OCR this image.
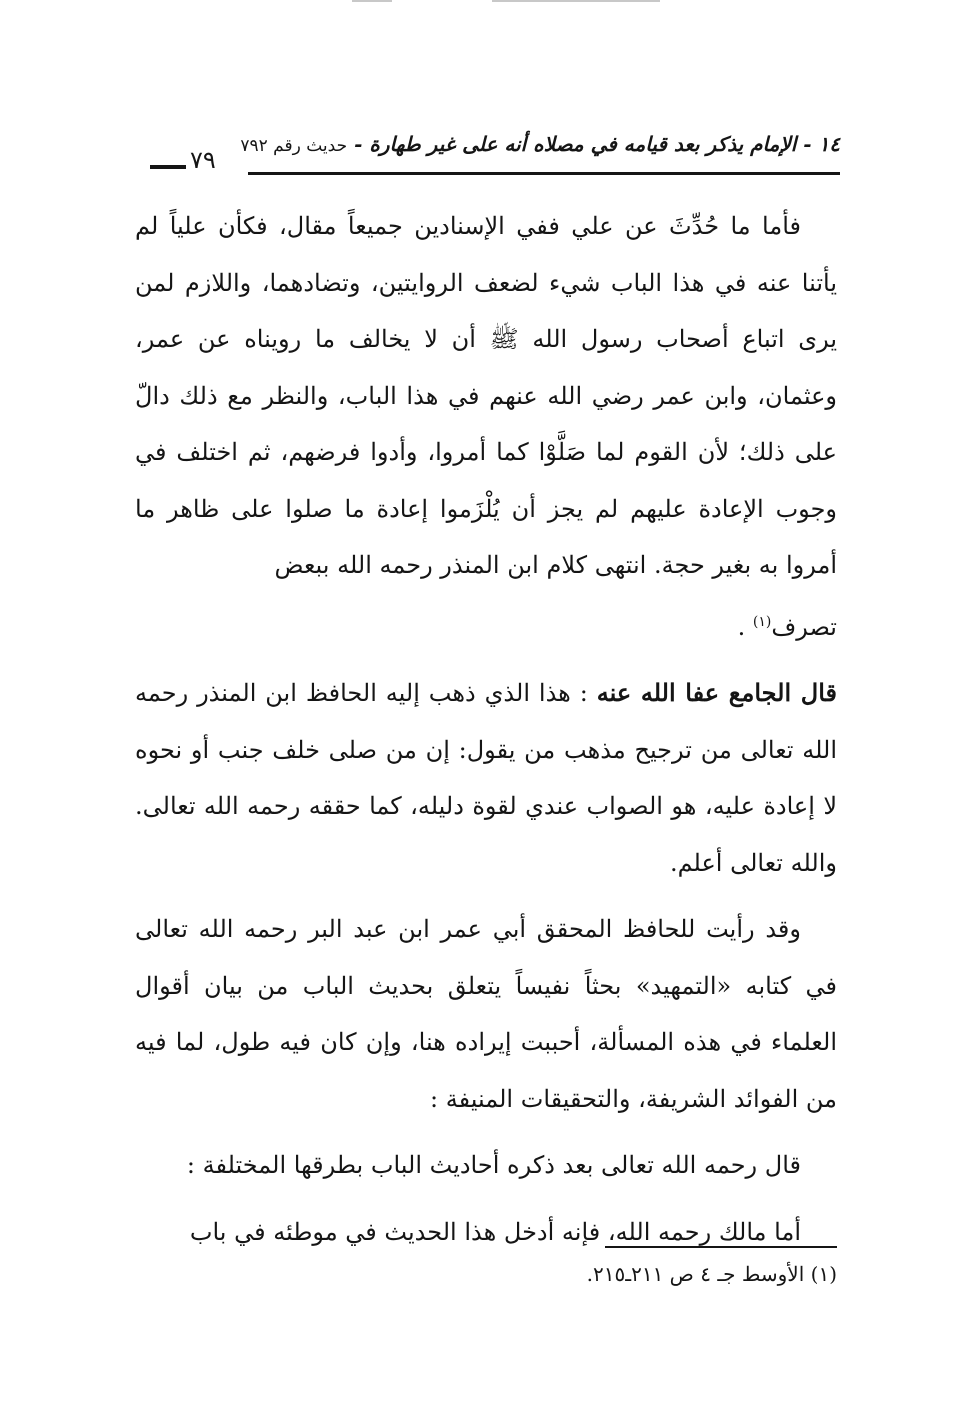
١٤ - الإمام يذكر بعد قيامه في مصلاه أنه على غير طهارة - حديث رقم ٧٩٢
٧٩

فأما ما حُدِّثَ عن علي ففي الإسنادين جميعاً مقال، فكأن علياً لم يأتنا عنه في هذا الباب شيء لضعف الروايتين، وتضادهما، واللازم لمن يرى اتباع أصحاب رسول الله ﷺ أن لا يخالف ما رويناه عن عمر، وعثمان، وابن عمر رضي الله عنهم في هذا الباب، والنظر مع ذلك دالّ على ذلك؛ لأن القوم لما صَلَّوْا كما أمروا، وأدوا فرضهم، ثم اختلف في وجوب الإعادة عليهم لم يجز أن يُلْزَموا إعادة ما صلوا على ظاهر ما أمروا به بغير حجة. انتهى كلام ابن المنذر رحمه الله ببعض

تصرف$^{(١)}$ .

قال الجامع عفا الله عنه : هذا الذي ذهب إليه الحافظ ابن المنذر رحمه الله تعالى من ترجيح مذهب من يقول: إن من صلى خلف جنب أو نحوه لا إعادة عليه، هو الصواب عندي لقوة دليله، كما حققه رحمه الله تعالى. والله تعالى أعلم.

وقد رأيت للحافظ المحقق أبي عمر ابن عبد البر رحمه الله تعالى في كتابه «التمهيد» بحثاً نفيساً يتعلق بحديث الباب من بيان أقوال العلماء في هذه المسألة، أحببت إيراده هنا، وإن كان فيه طول، لما فيه من الفوائد الشريفة، والتحقيقات المنيفة :

قال رحمه الله تعالى بعد ذكره أحاديث الباب بطرقها المختلفة :

أما مالك رحمه الله، فإنه أدخل هذا الحديث في موطئه في باب

(١) الأوسط جـ ٤ ص ٢١١ـ٢١٥.
